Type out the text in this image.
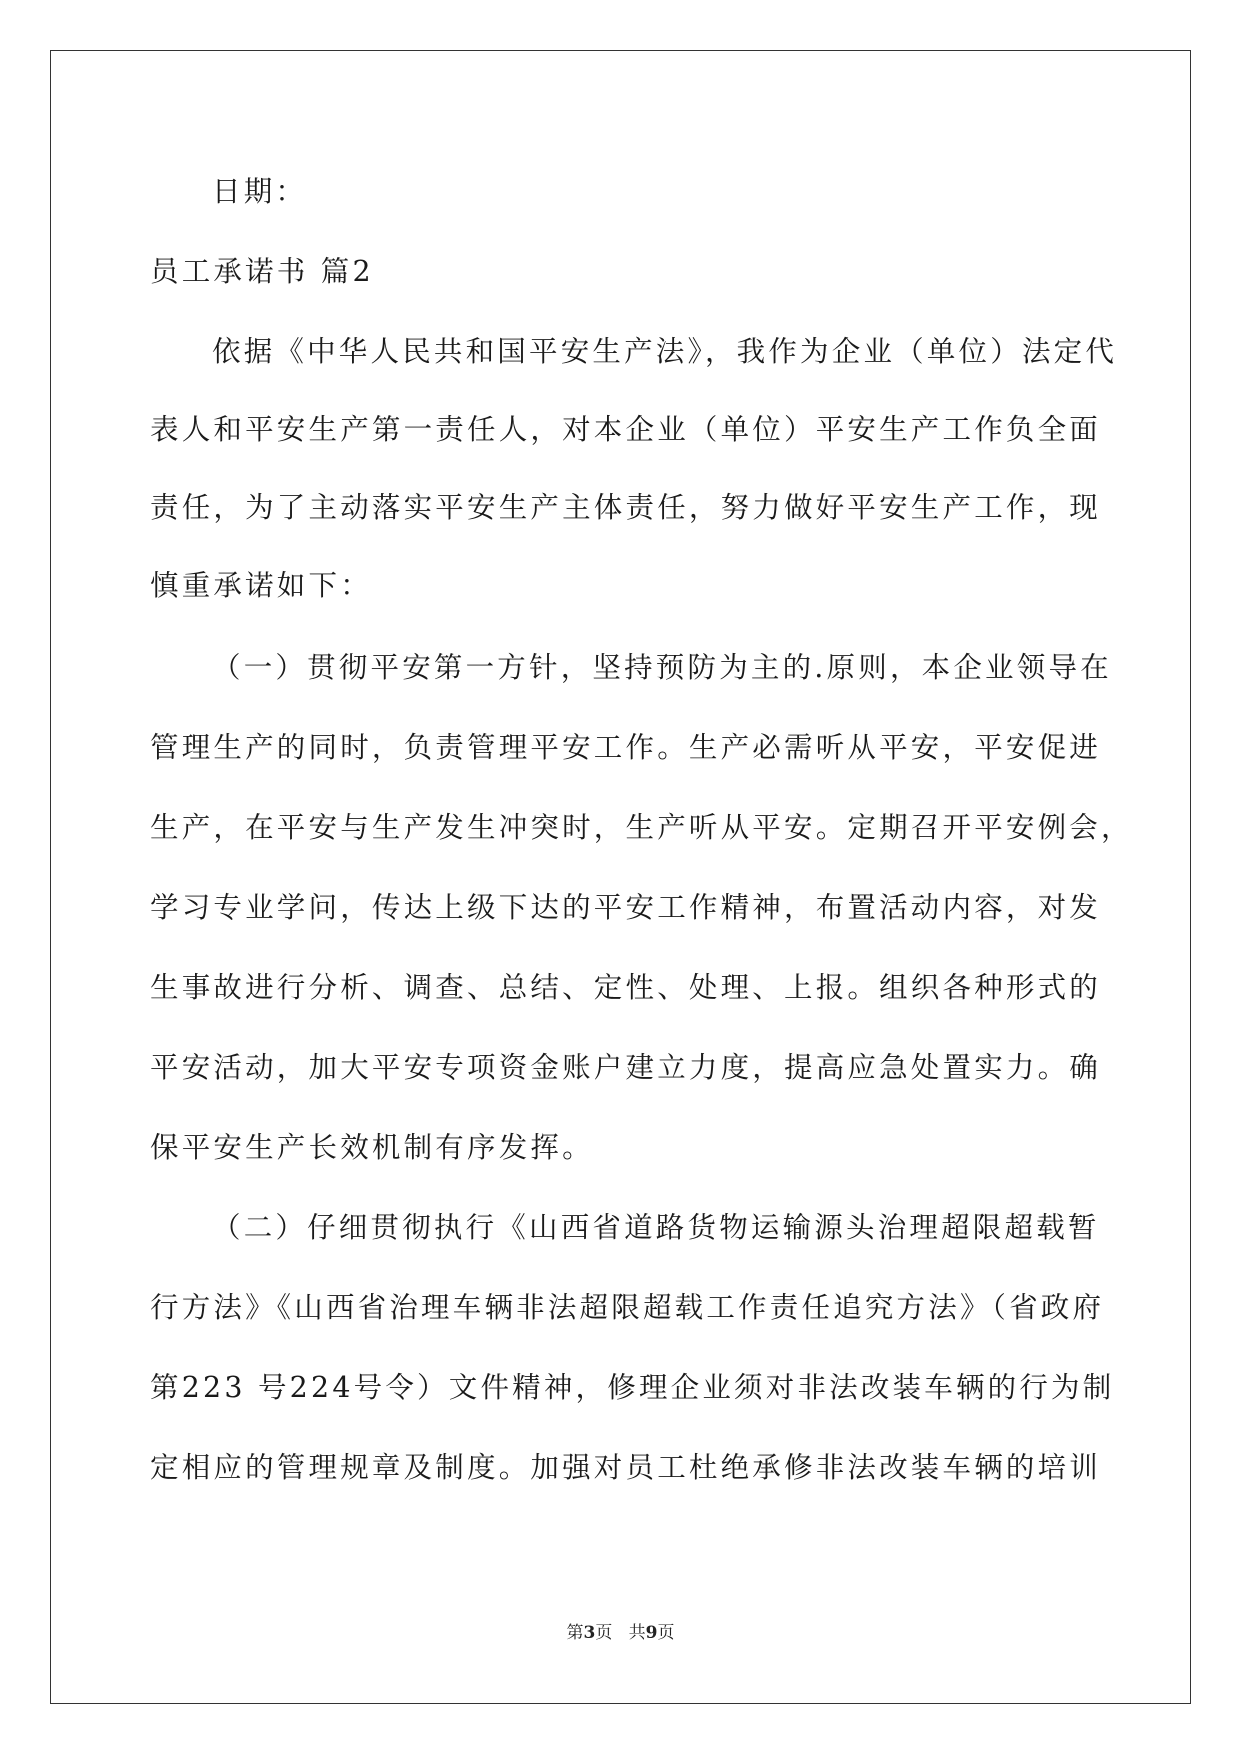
日期：
员工承诺书 篇2
依据《中华人民共和国平安生产法》，我作为企业（单位）法定代
表人和平安生产第一责任人，对本企业（单位）平安生产工作负全面
责任，为了主动落实平安生产主体责任，努力做好平安生产工作，现
慎重承诺如下：
（一）贯彻平安第一方针，坚持预防为主的.原则，本企业领导在
管理生产的同时，负责管理平安工作。生产必需听从平安，平安促进
生产，在平安与生产发生冲突时，生产听从平安。定期召开平安例会，
学习专业学问，传达上级下达的平安工作精神，布置活动内容，对发
生事故进行分析、调查、总结、定性、处理、上报。组织各种形式的
平安活动，加大平安专项资金账户建立力度，提高应急处置实力。确
保平安生产长效机制有序发挥。
（二）仔细贯彻执行《山西省道路货物运输源头治理超限超载暂
行方法》《山西省治理车辆非法超限超载工作责任追究方法》（省政府
第223 号224号令）文件精神，修理企业须对非法改装车辆的行为制
定相应的管理规章及制度。加强对员工杜绝承修非法改装车辆的培训
第3页 共9页
